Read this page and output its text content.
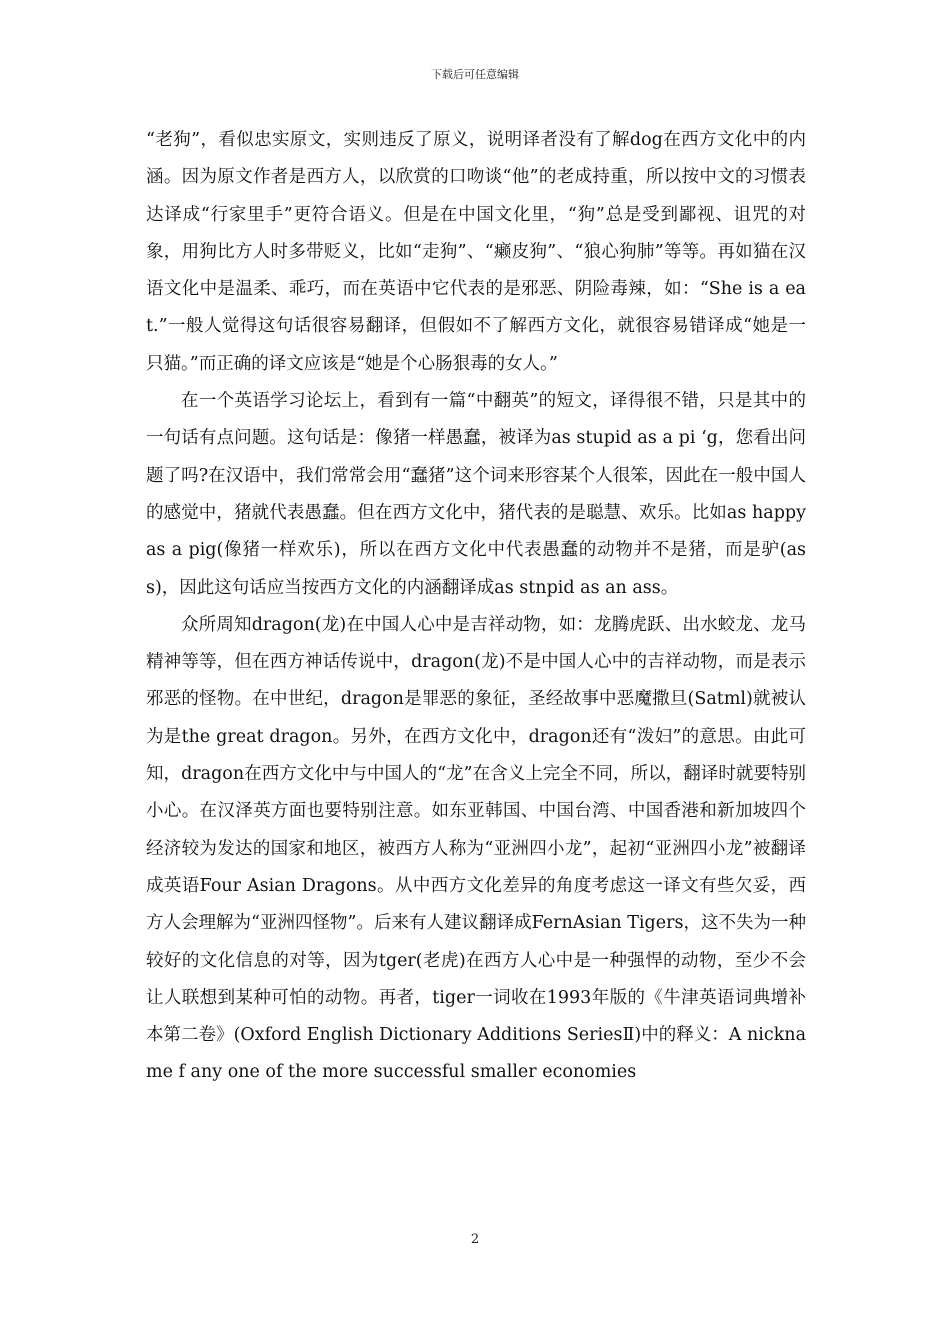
下载后可任意编辑

“老狗”，看似忠实原文，实则违反了原义，说明译者没有了解dog在西方文化中的内涵。因为原文作者是西方人，以欣赏的口吻谈“他”的老成持重，所以按中文的习惯表达译成“行家里手”更符合语义。但是在中国文化里，“狗”总是受到鄙视、诅咒的对象，用狗比方人时多带贬义，比如“走狗”、“癞皮狗”、“狼心狗肺”等等。再如猫在汉语文化中是温柔、乖巧，而在英语中它代表的是邪恶、阴险毒辣，如：“She is a eat.”一般人觉得这句话很容易翻译，但假如不了解西方文化，就很容易错译成“她是一只猫。”而正确的译文应该是“她是个心肠狠毒的女人。”

在一个英语学习论坛上，看到有一篇“中翻英”的短文，译得很不错，只是其中的一句话有点问题。这句话是：像猪一样愚蠢，被译为as stupid as a pi ‘g，您看出问题了吗?在汉语中，我们常常会用“蠢猪”这个词来形容某个人很笨，因此在一般中国人的感觉中，猪就代表愚蠢。但在西方文化中，猪代表的是聪慧、欢乐。比如as happy as a pig(像猪一样欢乐)，所以在西方文化中代表愚蠢的动物并不是猪，而是驴(ass)，因此这句话应当按西方文化的内涵翻译成as stnpid as an ass。

众所周知dragon(龙)在中国人心中是吉祥动物，如：龙腾虎跃、出水蛟龙、龙马精神等等，但在西方神话传说中，dragon(龙)不是中国人心中的吉祥动物，而是表示邪恶的怪物。在中世纪，dragon是罪恶的象征，圣经故事中恶魔撒旦(Satml)就被认为是the great dragon。另外，在西方文化中，dragon还有“泼妇”的意思。由此可知，dragon在西方文化中与中国人的“龙”在含义上完全不同，所以，翻译时就要特别小心。在汉泽英方面也要特别注意。如东亚韩国、中国台湾、中国香港和新加坡四个经济较为发达的国家和地区，被西方人称为“亚洲四小龙”，起初“亚洲四小龙”被翻译成英语Four Asian Dragons。从中西方文化差异的角度考虑这一译文有些欠妥，西方人会理解为“亚洲四怪物”。后来有人建议翻译成FernAsian Tigers，这不失为一种较好的文化信息的对等，因为tger(老虎)在西方人心中是一种强悍的动物，至少不会让人联想到某种可怕的动物。再者，tiger一词收在1993年版的《牛津英语词典增补本第二卷》(Oxford English Dictionary Additions SeriesⅡ)中的释义：A nickname f any one of the more successful smaller economies

2
